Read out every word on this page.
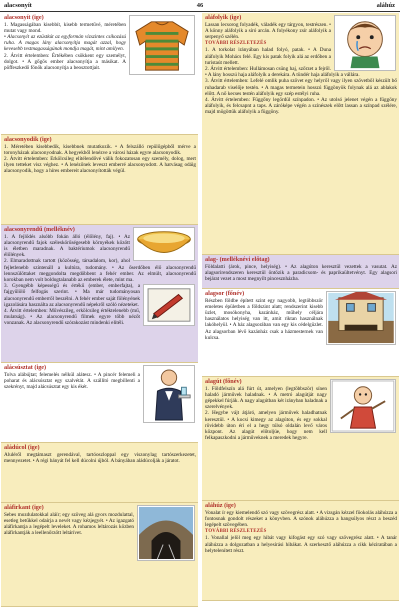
alacsonyít	46	aláhúz
alacsonyít (ige)
1. Magasságában kisebbít, kisebb termetűvé, méretében mutat vagy mond.
• Alacsonyít az ezüstkút az egyformán vízszintes csíkozású ruha. A magas lány alacsonyítja magát azzal, hogy kevesebb testmagasságúnak mondja magát, mint amilyen.
2. Átvitt értelemben: Értékében csökkent egy személyt, dolgot. • A gőgös ember alacsonyítja a másikat. A pöffeszkedő fönök alacsonyítja a beosztottjait.
alacsonyodik (ige)
1. Méretében kisebbedik, kisebbnek mutatkozik. • A felszálló repülőgépből mérve a toronyházak alacsonyodnak. A hegyekből lenézve a városi házak egyre alacsonyodik.
2. Átvitt értelemben: Erkölcsileg elítélendővé válik fokozatosan egy személy, dolog, mert ilyen tetteket visz véghez. • A lenézőnek leveszt emberré alacsonyodott. A hatvásag odáig alacsonyodik, hogy a híres embereit alacsonyították végül.
alacsonyrendű (melléknév)
1. A fejlődés alsóbb fokán álló (élőlény, faj). • Az alacsonyrendű fajok széleskörűségesebb környékek között is életben maradnak. A baktériumok alacsonyrendű élőlények.
2. Elmaradottnak tartott (közösség, társadalom, kor), ahol fejletlenebb színtenáll a kultúra, tudomány. • Az őserdőben élő alacsonyrendű lennszülöttaket meggondolta megdöbbent a fehér ember. Az elmúlt, alacsonyrendű korokban nem volt boldogtalanabb az emberek élete, mint ma.
3. Gyengébb képességű és értékű (ember, emberfajta), a fajgyűlölő felfogás szerint. • Ma már tudományosan alacsonyrendű emberről beszélni. A fehér ember saját fölényének igazolására használta az alacsonyrendű népekről szóló nézeteket.
4. Átvitt értelemben: Művészileg, erkölcsileg értéktelenebb (mű, mulatság). • Az alacsonyrendű filmek egyre több nézőt vonzanak. Az alacsonyrendű szórakozást mindenki elítéli.
alácsúsztat (ige)
Tolva alábújtat; felemelés nélkül alátesz. • A pincér felemeli a poharat és alácsúsztat egy szalvétát. A szállító megbillenti a szekrényt, majd alácsúsztat egy kis ékét.
aládúcol (ige)
Aluléről megtámaszt gerendával, tartóoszloppal egy viszonylag tartószerkezetet, mennyezetet. • A régi bányát fel kell dúcolni újból. A bányában aládúcolják a járatot.
aláfirkant (ige)
Sebes mozdulatokkal aláír; egy szöveg alá gyors mozdulattal, esetleg betűkkel odaírja a nevét vagy kézjegyét. • Az igazgató aláfirkantja a legépelt leveleket. A rohamos leltározás közben aláfirkantják a leellenőrzött leltárívet.
aláfolyik (ige)
Lassan lecsorog folyadék, váladék egy tárgyon, testrészen. • A könny aláfolyik a síró arcán. A folyékony zsír aláfolyik a serpenyő szélén.
TOVÁBBI RÉSZLETEZÉS
1. A torkolat irányában halad folyó, patak. • A Duna aláfolyik Mohács felé. Egy kis patak folyik alá az erdőben a turistaút mellett.
2. Átvitt értelemben: Hullámosan csüng haj, szőrzet a fejről. • A lány hosszú haja aláfolyik a derekára. A tündér haja aláfolyik a vállára.
3. Átvitt értelemben: Lefelé omlik puha szövet egy helyről vagy ilyen szövetből készült bő ruhadarab viselője testén. • A magas termetein hosszú függönyök folynak alá az ablakok előtt. A nő kecses testén aláfolyik egy szép estélyi ruha.
4. Átvitt értelemben: Függőny legördül színpadon. • Az utolsó jelenet végén a függöny aláfolyik, és felcsapnt a taps. A záróképe végén a színészek előtt lassan a színpad szélére, majd mögöttük aláfolyik a függöny.
alag- (melléknévi előtag)
Földalatti (árok, pince, helyiség). • Az alagúton keresztül vezettek a vasutat. Az alagsorirendszeren keresztül öntözik a paradicsom- és paprikaültetvényt. Egy alagsori bejárat vezet a most megnyílt pincesznházba.
alagsor (főnév)
Részben földbe épített szint egy nagyobb, legtöbbször emeletes épületben a földszint alatt; rendszerint kisebb üzlet, mosókonyha, kazánház, műhely céljára használatos helyiség van itt, amit riktan használnak lakóhelyül. • A ház alagsorában van egy kis cédelgüzlet. Az alagsorban lévő kazánház csak a házmesternek van kulcsa.
alagút (főnév)
1. Földfelszín alá fúrt út, amelyen (legtöbbször) sínen haladó járművek haladnak. • A metró alagútját nagy gépekkel fúrják. A nagy alagútban két irányban haladnak a szerelvények.
2. Hegybe vájt átjáró, amelyen járművek haladhatnak keresztül. • A kocsi kimegy az alagúton, és egy sokkal rövidebb úton éri el a hegy túlsó oldalán levő város központ. Az alagút előtoljúe, hogy nem kell felkapaszkodni a járműveknek a meredek hegyre.
aláhúz (ige)
Vonalat ír egy kiemelendő szó vagy szövegrész alatt. • A vizsgán kézzel föokolás aláhúzza a fontosnak gondolt részeket a könyvben. A szónok aláhúzza a hangsúlyos részt a beszéd legépelt szövegében.
TOVÁBBI RÉSZLETEZÉS
1. Vonallal jelöl meg egy hibát vagy kifogást egy szó vagy szövegrész alatt. • A tanár aláhúzza a dolgozatban a helyesírási hibákat. A szerkesztő aláhúzza a cikk kéziratában a helytelenített részt.
